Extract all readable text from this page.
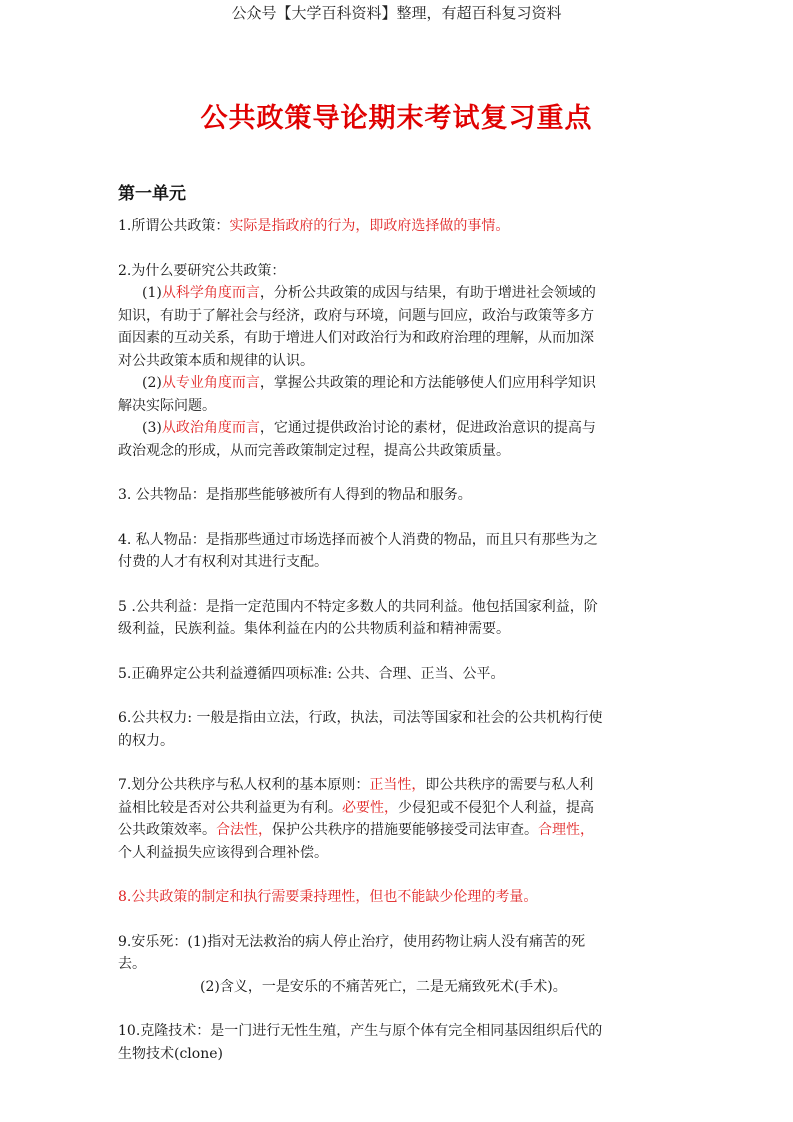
公众号【大学百科资料】整理，有超百科复习资料
公共政策导论期末考试复习重点
第一单元
1.所谓公共政策：实际是指政府的行为，即政府选择做的事情。
2.为什么要研究公共政策：
(1)从科学角度而言，分析公共政策的成因与结果，有助于增进社会领域的
知识，有助于了解社会与经济，政府与环境，问题与回应，政治与政策等多方
面因素的互动关系，有助于增进人们对政治行为和政府治理的理解，从而加深
对公共政策本质和规律的认识。
(2)从专业角度而言，掌握公共政策的理论和方法能够使人们应用科学知识
解决实际问题。
(3)从政治角度而言，它通过提供政治讨论的素材，促进政治意识的提高与
政治观念的形成，从而完善政策制定过程，提高公共政策质量。
3. 公共物品：是指那些能够被所有人得到的物品和服务。
4. 私人物品：是指那些通过市场选择而被个人消费的物品，而且只有那些为之
付费的人才有权利对其进行支配。
5 .公共利益：是指一定范围内不特定多数人的共同利益。他包括国家利益，阶
级利益，民族利益。集体利益在内的公共物质利益和精神需要。
5.正确界定公共利益遵循四项标准: 公共、合理、正当、公平。
6.公共权力: 一般是指由立法，行政，执法，司法等国家和社会的公共机构行使
的权力。
7.划分公共秩序与私人权利的基本原则：正当性，即公共秩序的需要与私人利
益相比较是否对公共利益更为有利。必要性，少侵犯或不侵犯个人利益，提高
公共政策效率。合法性，保护公共秩序的措施要能够接受司法审查。合理性，
个人利益损失应该得到合理补偿。
8.公共政策的制定和执行需要秉持理性，但也不能缺少伦理的考量。
9.安乐死：(1)指对无法救治的病人停止治疗，使用药物让病人没有痛苦的死
去。
(2)含义，一是安乐的不痛苦死亡，二是无痛致死术(手术)。
10.克隆技术：是一门进行无性生殖，产生与原个体有完全相同基因组织后代的
生物技术(clone)
